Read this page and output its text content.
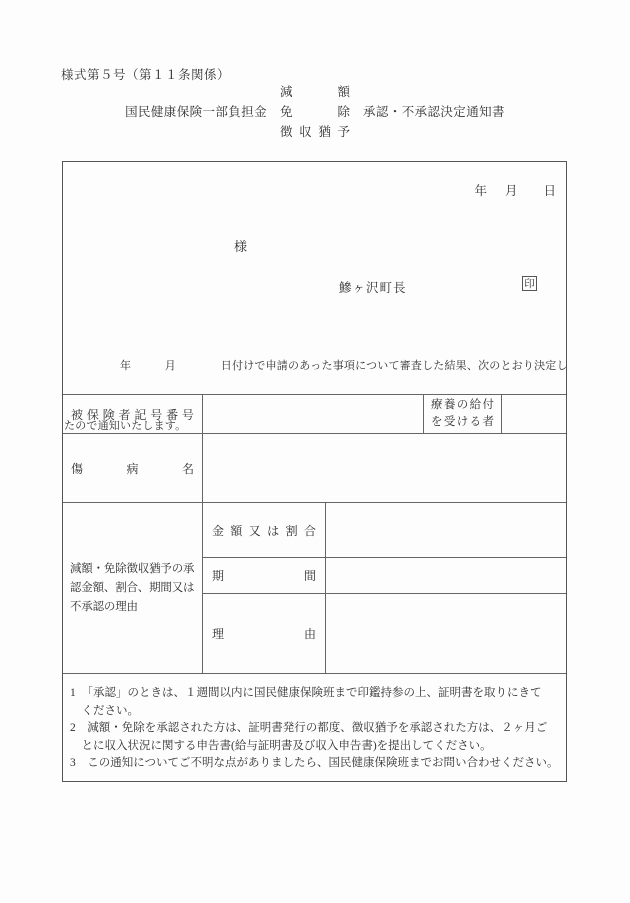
様式第５号（第１１条関係）
国民健康保険一部負担金
減	額
免	除
徴 収 猶 予
承認・不承認決定通知書
年 月 日
様
鰺ヶ沢町長	印

　　　　　年　　　月　　　　日付けで申請のあった事項について審査した結果、次のとおり決定し

たので通知いたします。

被 保 険 者 記 号 番 号
療 養 の 給 付
を 受 け る 者
傷	病	名
減額・免除徴収猶予の承
認金額、割合、期間又は
不承認の理由
金 額 又 は 割 合
期	間
理	由
1　「承認」のときは、１週間以内に国民健康保険班まで印鑑持参の上、証明書を取りにきて
　ください。
2　減額・免除を承認された方は、証明書発行の都度、徴収猶予を承認された方は、２ヶ月ご
　とに収入状況に関する申告書(給与証明書及び収入申告書)を提出してください。
3　この通知についてご不明な点がありましたら、国民健康保険班までお問い合わせください。
